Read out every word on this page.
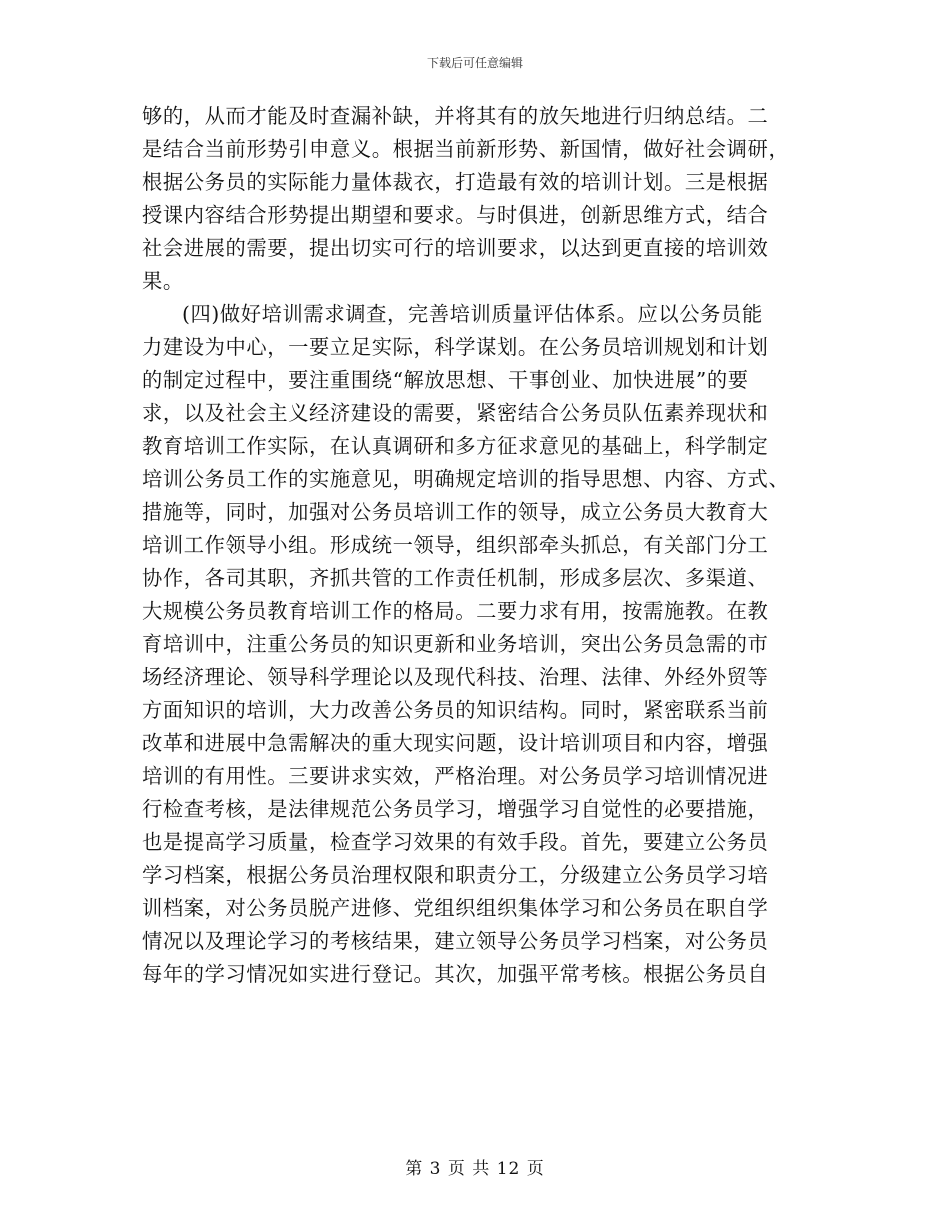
下载后可任意编辑
够的，从而才能及时查漏补缺，并将其有的放矢地进行归纳总结。二
是结合当前形势引申意义。根据当前新形势、新国情，做好社会调研，
根据公务员的实际能力量体裁衣，打造最有效的培训计划。三是根据
授课内容结合形势提出期望和要求。与时俱进，创新思维方式，结合
社会进展的需要，提出切实可行的培训要求，以达到更直接的培训效
果。
(四)做好培训需求调查，完善培训质量评估体系。应以公务员能
力建设为中心，一要立足实际，科学谋划。在公务员培训规划和计划
的制定过程中，要注重围绕“解放思想、干事创业、加快进展”的要
求，以及社会主义经济建设的需要，紧密结合公务员队伍素养现状和
教育培训工作实际，在认真调研和多方征求意见的基础上，科学制定
培训公务员工作的实施意见，明确规定培训的指导思想、内容、方式、
措施等，同时，加强对公务员培训工作的领导，成立公务员大教育大
培训工作领导小组。形成统一领导，组织部牵头抓总，有关部门分工
协作，各司其职，齐抓共管的工作责任机制，形成多层次、多渠道、
大规模公务员教育培训工作的格局。二要力求有用，按需施教。在教
育培训中，注重公务员的知识更新和业务培训，突出公务员急需的市
场经济理论、领导科学理论以及现代科技、治理、法律、外经外贸等
方面知识的培训，大力改善公务员的知识结构。同时，紧密联系当前
改革和进展中急需解决的重大现实问题，设计培训项目和内容，增强
培训的有用性。三要讲求实效，严格治理。对公务员学习培训情况进
行检查考核，是法律规范公务员学习，增强学习自觉性的必要措施，
也是提高学习质量，检查学习效果的有效手段。首先，要建立公务员
学习档案，根据公务员治理权限和职责分工，分级建立公务员学习培
训档案，对公务员脱产进修、党组织组织集体学习和公务员在职自学
情况以及理论学习的考核结果，建立领导公务员学习档案，对公务员
每年的学习情况如实进行登记。其次，加强平常考核。根据公务员自
第 3 页 共 12 页
